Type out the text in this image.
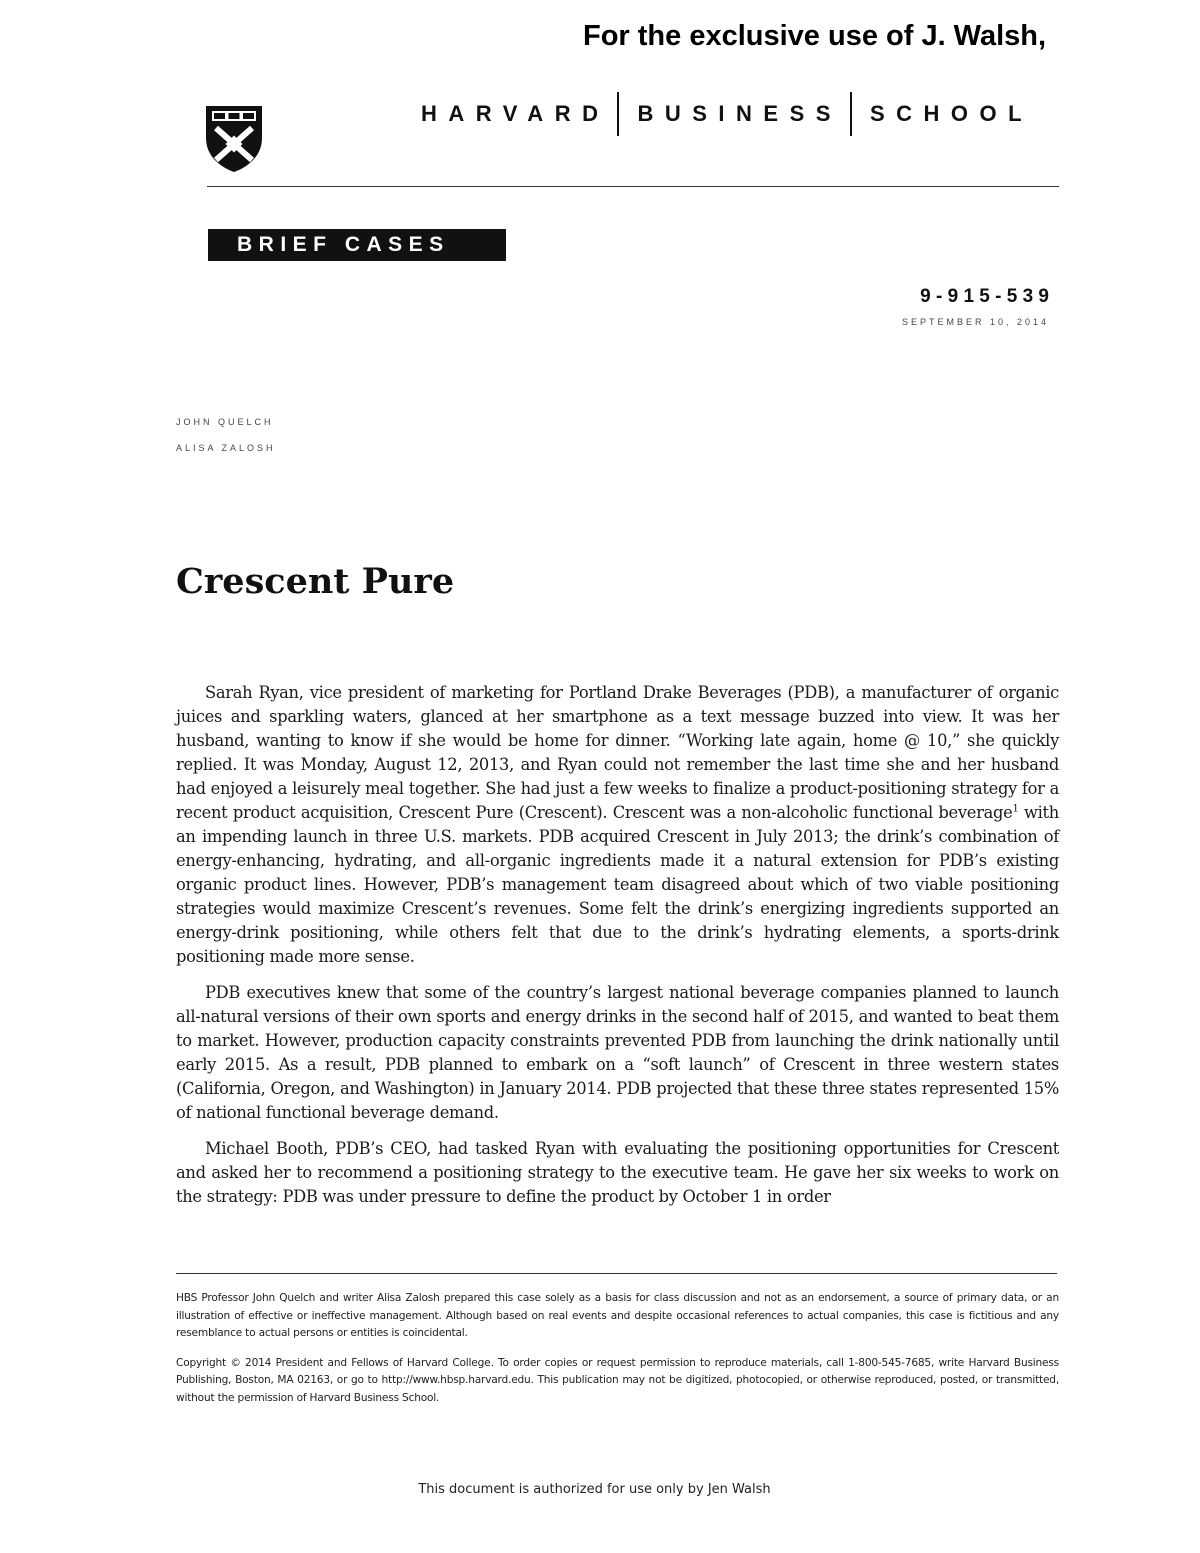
For the exclusive use of J. Walsh,
HARVARD BUSINESS SCHOOL
BRIEF CASES
9 - 9 1 5 - 5 3 9
SEPTEMBER 10, 2014
JOHN QUELCH
ALISA ZALOSH
Crescent Pure

Sarah Ryan, vice president of marketing for Portland Drake Beverages (PDB), a manufacturer of organic juices and sparkling waters, glanced at her smartphone as a text message buzzed into view. It was her husband, wanting to know if she would be home for dinner. “Working late again, home @ 10,” she quickly replied. It was Monday, August 12, 2013, and Ryan could not remember the last time she and her husband had enjoyed a leisurely meal together. She had just a few weeks to finalize a product-positioning strategy for a recent product acquisition, Crescent Pure (Crescent). Crescent was a non-alcoholic functional beverage$^1$ with an impending launch in three U.S. markets. PDB acquired Crescent in July 2013; the drink’s combination of energy-enhancing, hydrating, and all-organic ingredients made it a natural extension for PDB’s existing organic product lines. However, PDB’s management team disagreed about which of two viable positioning strategies would maximize Crescent’s revenues. Some felt the drink’s energizing ingredients supported an energy-drink positioning, while others felt that due to the drink’s hydrating elements, a sports-drink positioning made more sense.

PDB executives knew that some of the country’s largest national beverage companies planned to launch all-natural versions of their own sports and energy drinks in the second half of 2015, and wanted to beat them to market. However, production capacity constraints prevented PDB from launching the drink nationally until early 2015. As a result, PDB planned to embark on a “soft launch” of Crescent in three western states (California, Oregon, and Washington) in January 2014. PDB projected that these three states represented 15% of national functional beverage demand.

Michael Booth, PDB’s CEO, had tasked Ryan with evaluating the positioning opportunities for Crescent and asked her to recommend a positioning strategy to the executive team. He gave her six weeks to work on the strategy: PDB was under pressure to define the product by October 1 in order

HBS Professor John Quelch and writer Alisa Zalosh prepared this case solely as a basis for class discussion and not as an endorsement, a source of primary data, or an illustration of effective or ineffective management. Although based on real events and despite occasional references to actual companies, this case is fictitious and any resemblance to actual persons or entities is coincidental.

Copyright © 2014 President and Fellows of Harvard College. To order copies or request permission to reproduce materials, call 1-800-545-7685, write Harvard Business Publishing, Boston, MA 02163, or go to http://www.hbsp.harvard.edu. This publication may not be digitized, photocopied, or otherwise reproduced, posted, or transmitted, without the permission of Harvard Business School.

This document is authorized for use only by Jen Walsh
